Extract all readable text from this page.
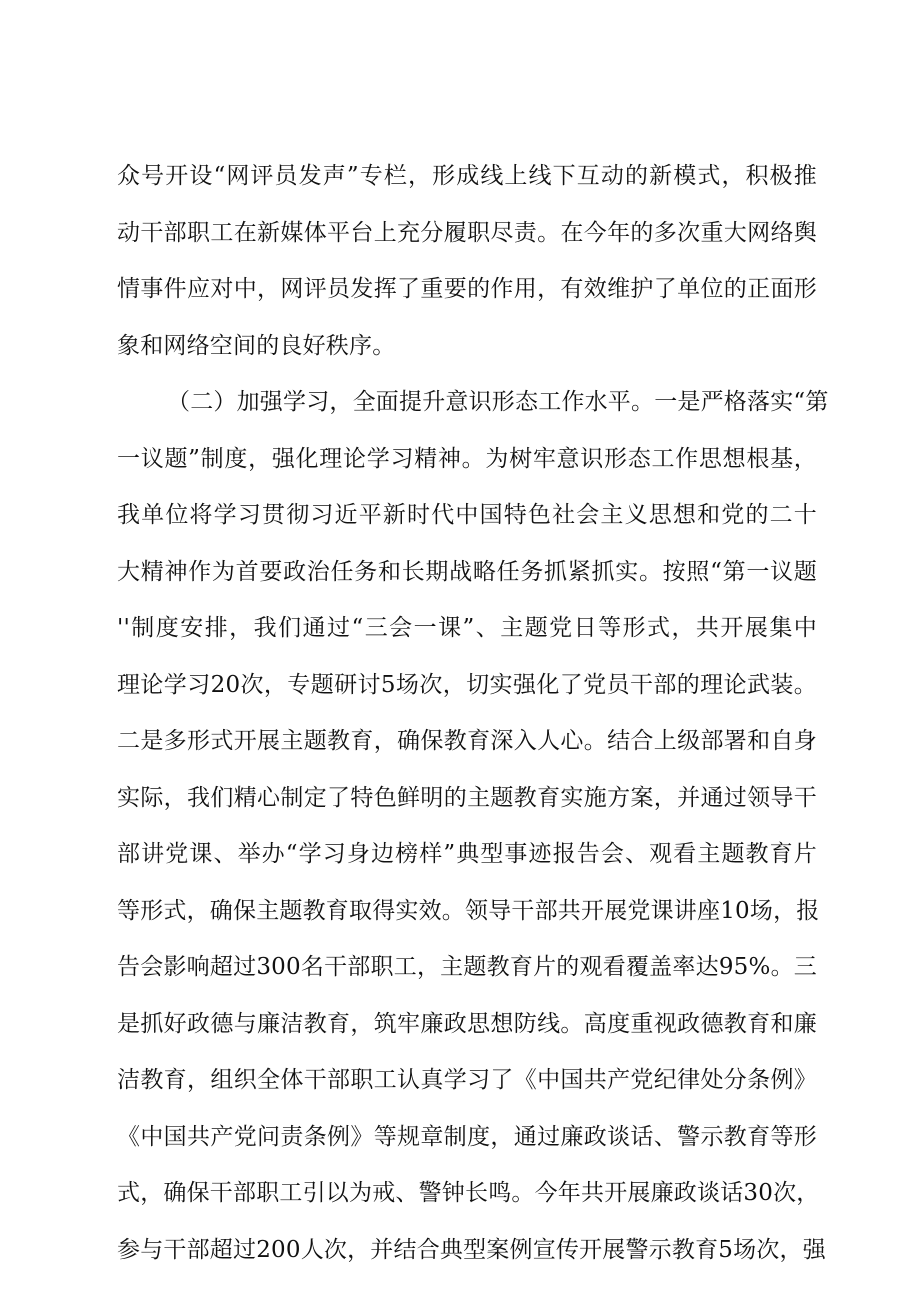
众号开设“网评员发声”专栏，形成线上线下互动的新模式，积极推
动干部职工在新媒体平台上充分履职尽责。在今年的多次重大网络舆
情事件应对中，网评员发挥了重要的作用，有效维护了单位的正面形
象和网络空间的良好秩序。
（二）加强学习，全面提升意识形态工作水平。一是严格落实“第
一议题”制度，强化理论学习精神。为树牢意识形态工作思想根基，
我单位将学习贯彻习近平新时代中国特色社会主义思想和党的二十
大精神作为首要政治任务和长期战略任务抓紧抓实。按照“第一议题
''制度安排，我们通过“三会一课”、主题党日等形式，共开展集中
理论学习20次，专题研讨5场次，切实强化了党员干部的理论武装。
二是多形式开展主题教育，确保教育深入人心。结合上级部署和自身
实际，我们精心制定了特色鲜明的主题教育实施方案，并通过领导干
部讲党课、举办“学习身边榜样”典型事迹报告会、观看主题教育片
等形式，确保主题教育取得实效。领导干部共开展党课讲座10场，报
告会影响超过300名干部职工，主题教育片的观看覆盖率达95%。三
是抓好政德与廉洁教育，筑牢廉政思想防线。高度重视政德教育和廉
洁教育，组织全体干部职工认真学习了《中国共产党纪律处分条例》
《中国共产党问责条例》等规章制度，通过廉政谈话、警示教育等形
式，确保干部职工引以为戒、警钟长鸣。今年共开展廉政谈话30次，
参与干部超过200人次，并结合典型案例宣传开展警示教育5场次，强
